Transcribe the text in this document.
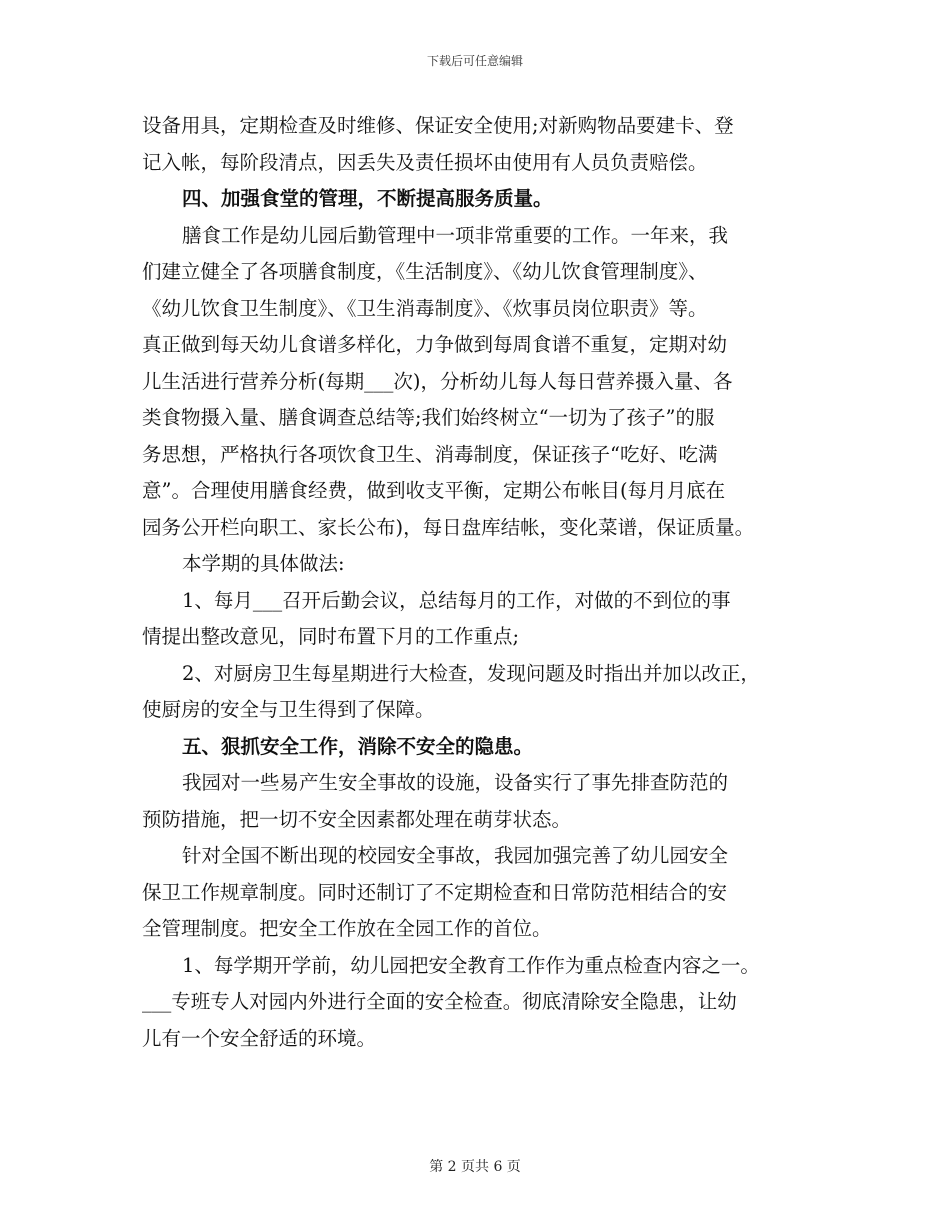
下载后可任意编辑
设备用具，定期检查及时维修、保证安全使用;对新购物品要建卡、登
记入帐，每阶段清点，因丢失及责任损坏由使用有人员负责赔偿。
四、加强食堂的管理，不断提高服务质量。
膳食工作是幼儿园后勤管理中一项非常重要的工作。一年来，我
们建立健全了各项膳食制度，《生活制度》、《幼儿饮食管理制度》、
《幼儿饮食卫生制度》、《卫生消毒制度》、《炊事员岗位职责》等。
真正做到每天幼儿食谱多样化，力争做到每周食谱不重复，定期对幼
儿生活进行营养分析(每期___次)，分析幼儿每人每日营养摄入量、各
类食物摄入量、膳食调查总结等;我们始终树立“一切为了孩子”的服
务思想，严格执行各项饮食卫生、消毒制度，保证孩子“吃好、吃满
意”。合理使用膳食经费，做到收支平衡，定期公布帐目(每月月底在
园务公开栏向职工、家长公布)，每日盘库结帐，变化菜谱，保证质量。
本学期的具体做法:
1、每月___召开后勤会议，总结每月的工作，对做的不到位的事
情提出整改意见，同时布置下月的工作重点;
2、对厨房卫生每星期进行大检查，发现问题及时指出并加以改正，
使厨房的安全与卫生得到了保障。
五、狠抓安全工作，消除不安全的隐患。
我园对一些易产生安全事故的设施，设备实行了事先排查防范的
预防措施，把一切不安全因素都处理在萌芽状态。
针对全国不断出现的校园安全事故，我园加强完善了幼儿园安全
保卫工作规章制度。同时还制订了不定期检查和日常防范相结合的安
全管理制度。把安全工作放在全园工作的首位。
1、每学期开学前，幼儿园把安全教育工作作为重点检查内容之一。
___专班专人对园内外进行全面的安全检查。彻底清除安全隐患，让幼
儿有一个安全舒适的环境。
第 2 页共 6 页
